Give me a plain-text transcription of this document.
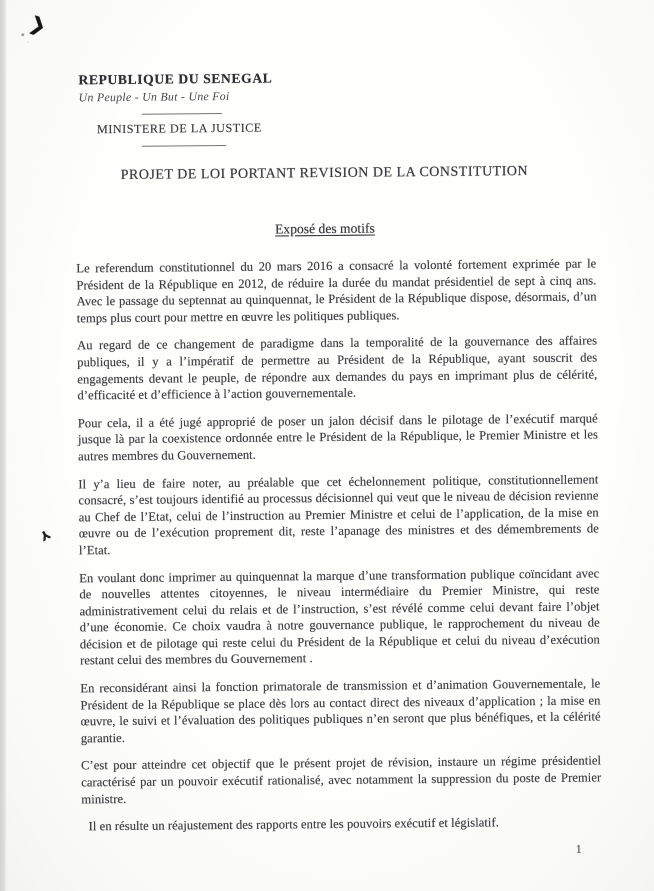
❯
REPUBLIQUE DU SENEGAL
Un Peuple - Un But - Une Foi
MINISTERE DE LA JUSTICE
PROJET DE LOI PORTANT REVISION DE LA CONSTITUTION
Exposé des motifs
⅄

Le referendum constitutionnel du 20 mars 2016 a consacré la volonté fortement exprimée par le Président de la République en 2012, de réduire la durée du mandat présidentiel de sept à cinq ans. Avec le passage du septennat au quinquennat, le Président de la République dispose, désormais, d’un temps plus court pour mettre en œuvre les politiques publiques.

Au regard de ce changement de paradigme dans la temporalité de la gouvernance des affaires publiques, il y a l’impératif de permettre au Président de la République, ayant souscrit des engagements devant le peuple, de répondre aux demandes du pays en imprimant plus de célérité, d’efficacité et d’efficience à l’action gouvernementale.

Pour cela, il a été jugé approprié de poser un jalon décisif dans le pilotage de l’exécutif marqué jusque là par la coexistence ordonnée entre le Président de la République, le Premier Ministre et les autres membres du Gouvernement.

Il y’a lieu de faire noter, au préalable que cet échelonnement politique, constitutionnellement consacré, s’est toujours identifié au processus décisionnel qui veut que le niveau de décision revienne au Chef de l’Etat, celui de l’instruction au Premier Ministre et celui de l’application, de la mise en œuvre ou de l’exécution proprement dit, reste l’apanage des ministres et des démembrements de l’Etat.

En voulant donc imprimer au quinquennat la marque d’une transformation publique coïncidant avec de nouvelles attentes citoyennes, le niveau intermédiaire du Premier Ministre, qui reste administrativement celui du relais et de l’instruction, s’est révélé comme celui devant faire l’objet d’une économie. Ce choix vaudra à notre gouvernance publique, le rapprochement du niveau de décision et de pilotage qui reste celui du Président de la République et celui du niveau d’exécution restant celui des membres du Gouvernement .

En reconsidérant ainsi la fonction primatorale de transmission et d’animation Gouvernementale, le Président de la République se place dès lors au contact direct des niveaux d’application ; la mise en œuvre, le suivi et l’évaluation des politiques publiques n’en seront que plus bénéfiques, et la célérité garantie.

C’est pour atteindre cet objectif que le présent projet de révision, instaure un régime présidentiel caractérisé par un pouvoir exécutif rationalisé, avec notamment la suppression du poste de Premier ministre.

Il en résulte un réajustement des rapports entre les pouvoirs exécutif et législatif.

1
